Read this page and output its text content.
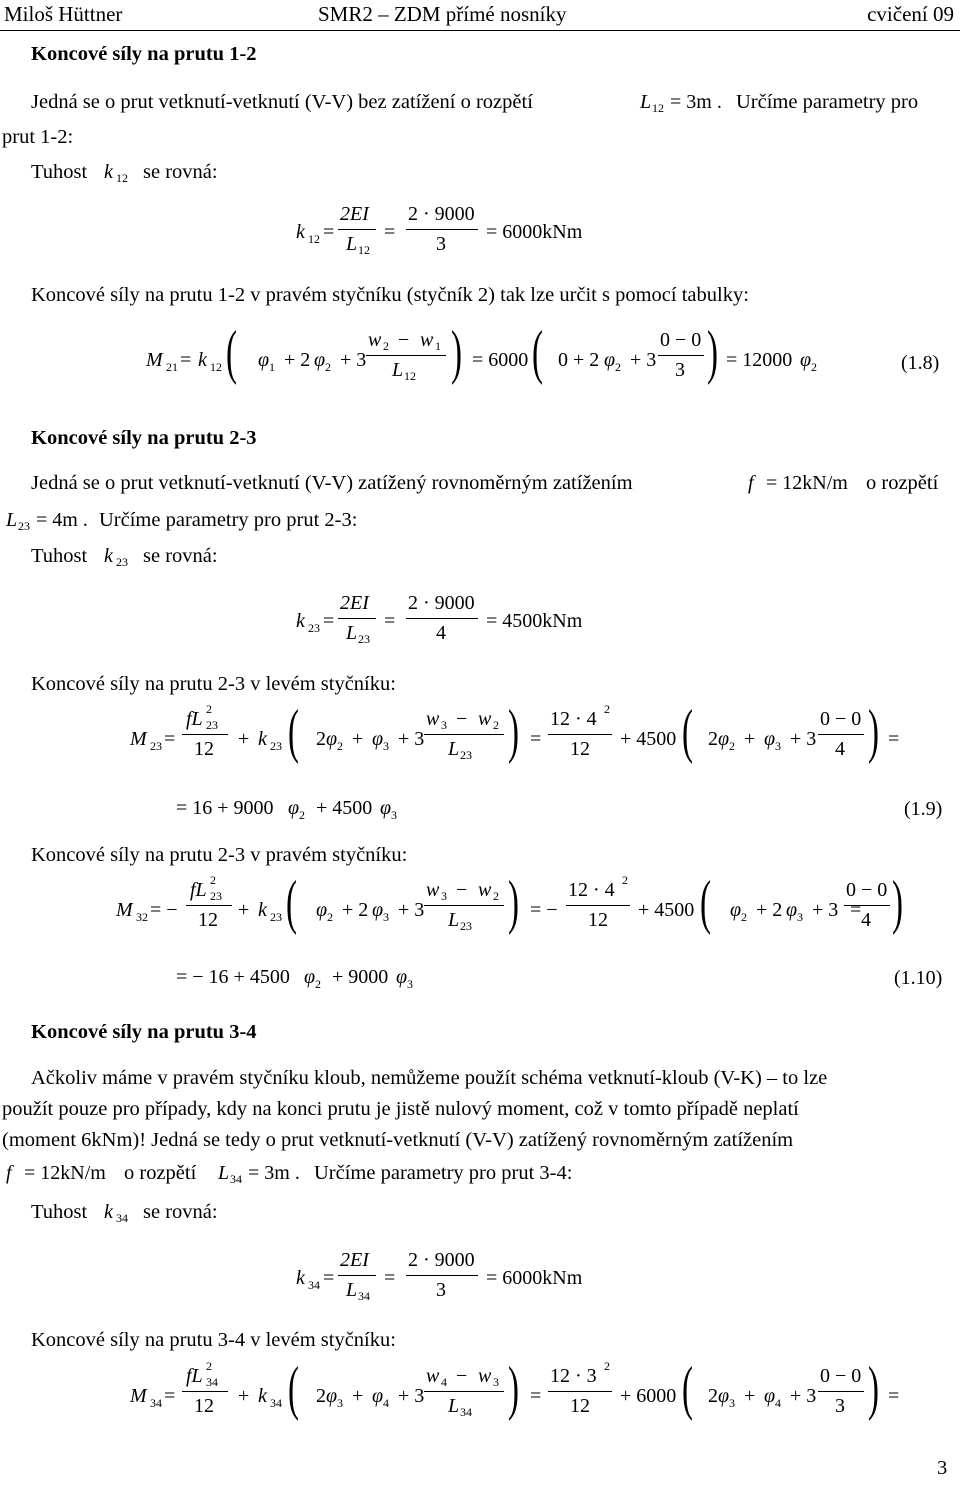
Miloš Hüttner	SMR2 – ZDM přímé nosníky	cvičení 09
Koncové síly na prutu 1-2
Jedná se o prut vetknutí-vetknutí (V-V) bez zatížení o rozpětí	L 12 = 3m . Určíme parametry pro
prut 1-2:
Tuhost k 12 se rovná:
k 12 =
2EI
L 12
=
2 · 9000
3
= 6000kNm
Koncové síly na prutu 1-2 v pravém styčníku (styčník 2) tak lze určit s pomocí tabulky:
M 21 = k 12 ( φ 1 + 2 φ 2 + 3
w 2 − w 1
L 12 ) = 6000 ( 0 + 2 φ 2 + 3
0 − 0
3 ) = 12000 φ 2	(1.8)
Koncové síly na prutu 2-3
Jedná se o prut vetknutí-vetknutí (V-V) zatížený rovnoměrným zatížením	f = 12kN/m o rozpětí
L 23 = 4m . Určíme parametry pro prut 2-3:
Tuhost k 23 se rovná:
k 23 =
2EI
L 23
=
2 · 9000
4
= 4500kNm
Koncové síly na prutu 2-3 v levém styčníku:
M 23 =
fL 2
23
12 + k 23 ( 2 φ 2 + φ 3 + 3
w 3 − w 2
L 23 ) =
12 · 4 2
12 + 4500 ( 2 φ 2 + φ 3 + 3
0 − 0
4 ) =
= 16 + 9000 φ 2 + 4500 φ 3	(1.9)
Koncové síly na prutu 2-3 v pravém styčníku:
M 32 = −
fL 2
23
12 + k 23 ( φ 2 + 2 φ 3 + 3
w 3 − w 2
L 23 ) = −
12 · 4 2
12 + 4500 ( φ 2 + 2 φ 3 + 3
0 − 0
4 )
=
= − 16 + 4500 φ 2 + 9000 φ 3	(1.10)
Koncové síly na prutu 3-4
Ačkoliv máme v pravém styčníku kloub, nemůžeme použít schéma vetknutí-kloub (V-K) – to lze
použít pouze pro případy, kdy na konci prutu je jistě nulový moment, což v tomto případě neplatí
(moment 6kNm)! Jedná se tedy o prut vetknutí-vetknutí (V-V) zatížený rovnoměrným zatížením
f = 12kN/m o rozpětí L 34 = 3m . Určíme parametry pro prut 3-4:
Tuhost k 34 se rovná:
k 34 =
2EI
L 34
=
2 · 9000
3
= 6000kNm
Koncové síly na prutu 3-4 v levém styčníku:
M 34 =
fL 2
34
12 + k 34 ( 2 φ 3 + φ 4 + 3
w 4 − w 3
L 34 ) =
12 · 3 2
12 + 6000 ( 2 φ 3 + φ 4 + 3
0 − 0
3 ) =
3
